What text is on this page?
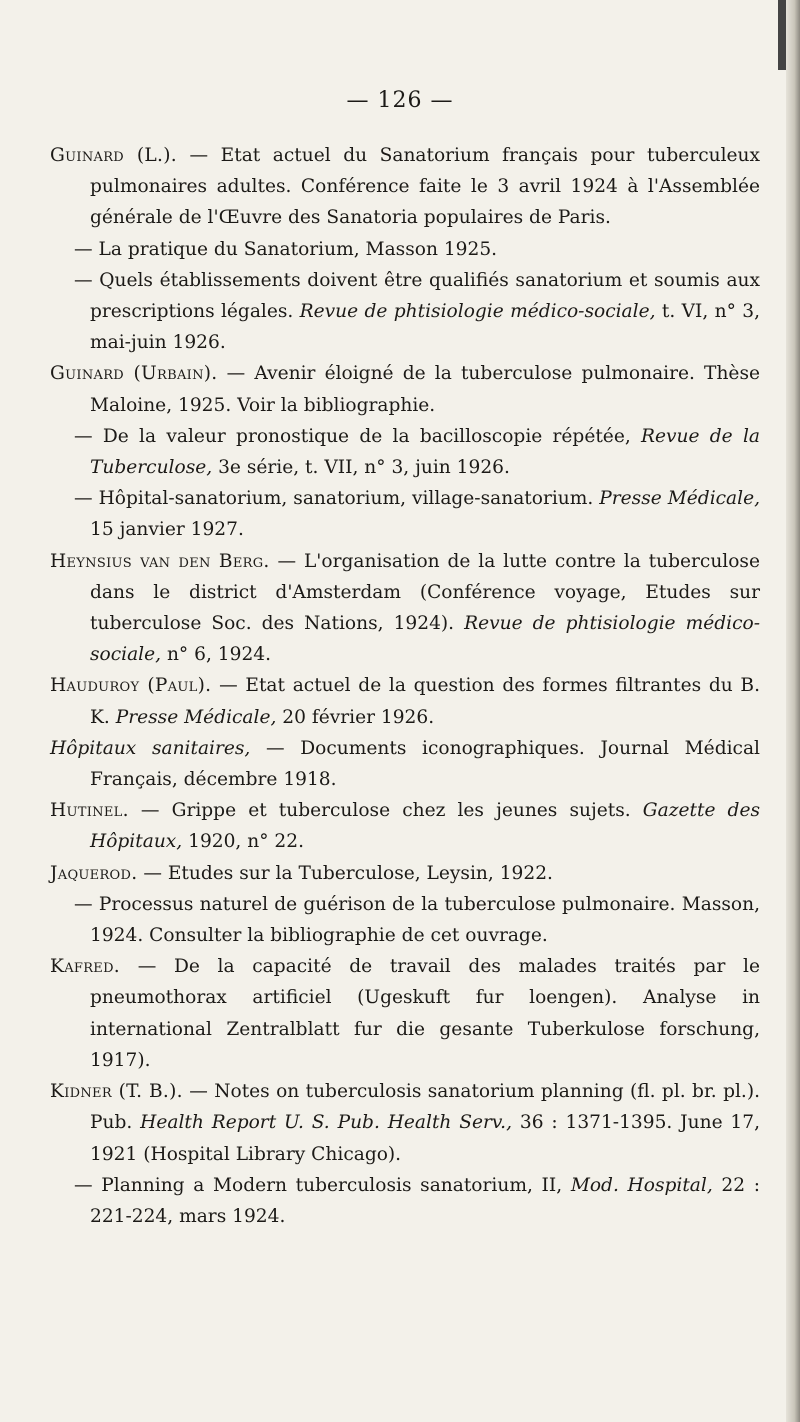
— 126 —

Guinard (L.). — Etat actuel du Sanatorium français pour tuberculeux pulmonaires adultes. Conférence faite le 3 avril 1924 à l'Assemblée générale de l'Œuvre des Sanatoria populaires de Paris.

— La pratique du Sanatorium, Masson 1925.

— Quels établissements doivent être qualifiés sanatorium et soumis aux prescriptions légales. Revue de phtisiologie médico-sociale, t. VI, n° 3, mai-juin 1926.

Guinard (Urbain). — Avenir éloigné de la tuberculose pulmonaire. Thèse Maloine, 1925. Voir la bibliographie.

— De la valeur pronostique de la bacilloscopie répétée, Revue de la Tuberculose, 3e série, t. VII, n° 3, juin 1926.

— Hôpital-sanatorium, sanatorium, village-sanatorium. Presse Médicale, 15 janvier 1927.

Heynsius van den Berg. — L'organisation de la lutte contre la tuberculose dans le district d'Amsterdam (Conférence voyage, Etudes sur tuberculose Soc. des Nations, 1924). Revue de phtisiologie médico-sociale, n° 6, 1924.

Hauduroy (Paul). — Etat actuel de la question des formes filtrantes du B. K. Presse Médicale, 20 février 1926.

Hôpitaux sanitaires, — Documents iconographiques. Journal Médical Français, décembre 1918.

Hutinel. — Grippe et tuberculose chez les jeunes sujets. Gazette des Hôpitaux, 1920, n° 22.

Jaquerod. — Etudes sur la Tuberculose, Leysin, 1922.

— Processus naturel de guérison de la tuberculose pulmonaire. Masson, 1924. Consulter la bibliographie de cet ouvrage.

Kafred. — De la capacité de travail des malades traités par le pneumothorax artificiel (Ugeskuft fur loengen). Analyse in international Zentralblatt fur die gesante Tuberkulose forschung, 1917).

Kidner (T. B.). — Notes on tuberculosis sanatorium planning (fl. pl. br. pl.). Pub. Health Report U. S. Pub. Health Serv., 36 : 1371-1395. June 17, 1921 (Hospital Library Chicago).

— Planning a Modern tuberculosis sanatorium, II, Mod. Hospital, 22 : 221-224, mars 1924.
